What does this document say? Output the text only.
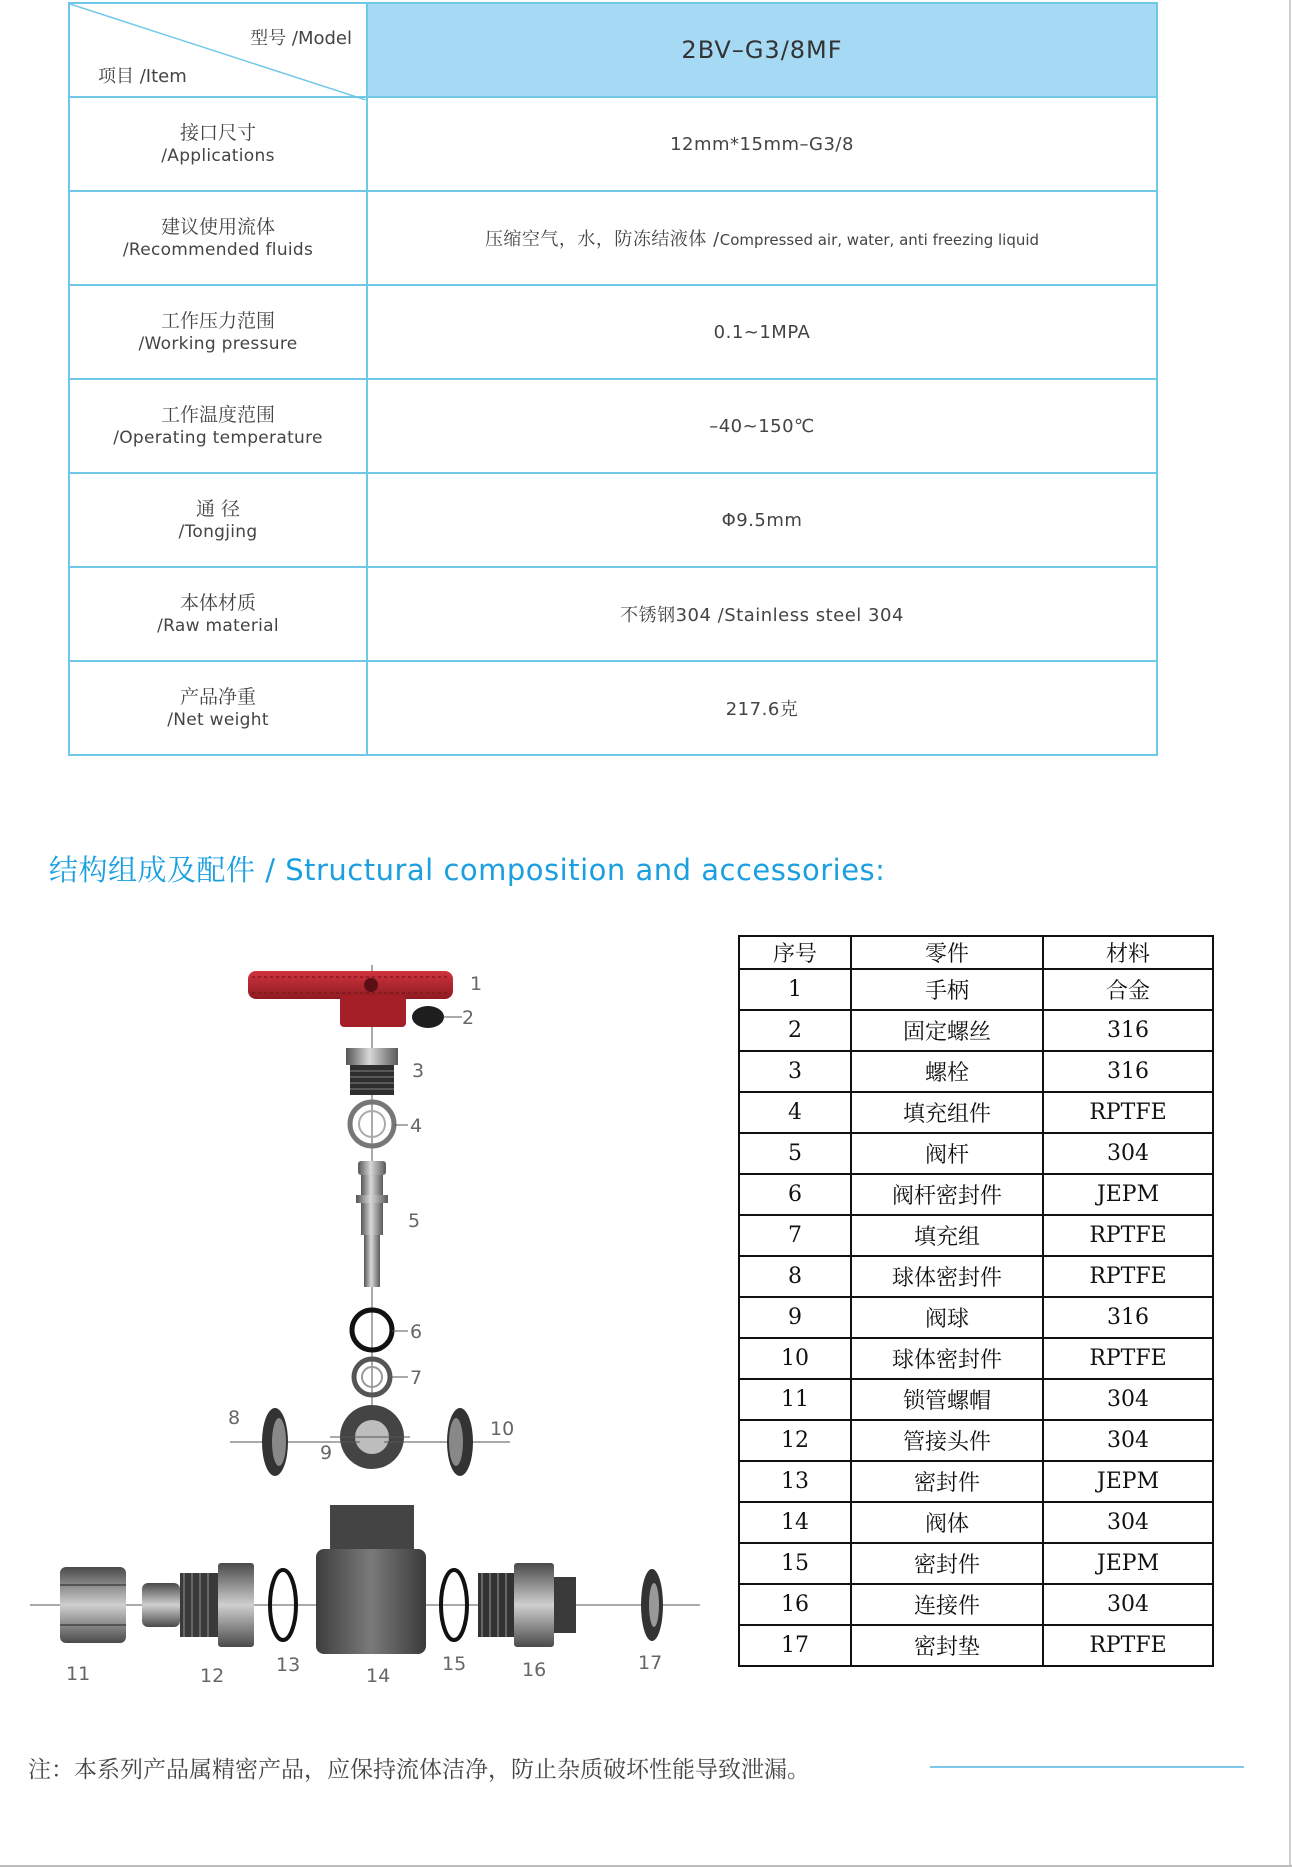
型号 /Model
项目 /Item	2BV–G3/8MF

接口尺寸
/Applications	12mm*15mm–G3/8

建议使用流体
/Recommended fluids	压缩空气，水，防冻结液体 /Compressed air, water, anti freezing liquid

工作压力范围
/Working pressure	0.1~1MPA

工作温度范围
/Operating temperature	–40~150℃

通 径
/Tongjing	Φ9.5mm

本体材质
/Raw material	不锈钢304 /Stainless steel 304

产品净重
/Net weight	217.6克
结构组成及配件 / Structural composition and accessories:
1
2
3
4
5
6
7
8
9
10
11	12	13	14
15	16	17
序号	零件	材料
1	手柄	合金
2	固定螺丝	316
3	螺栓	316
4	填充组件	RPTFE
5	阀杆	304
6	阀杆密封件	JEPM
7	填充组	RPTFE
8	球体密封件	RPTFE
9	阀球	316
10	球体密封件	RPTFE
11	锁管螺帽	304
12	管接头件	304
13	密封件	JEPM
14	阀体	304
15	密封件	JEPM
16	连接件	304
17	密封垫	RPTFE
注：本系列产品属精密产品，应保持流体洁净，防止杂质破坏性能导致泄漏。
